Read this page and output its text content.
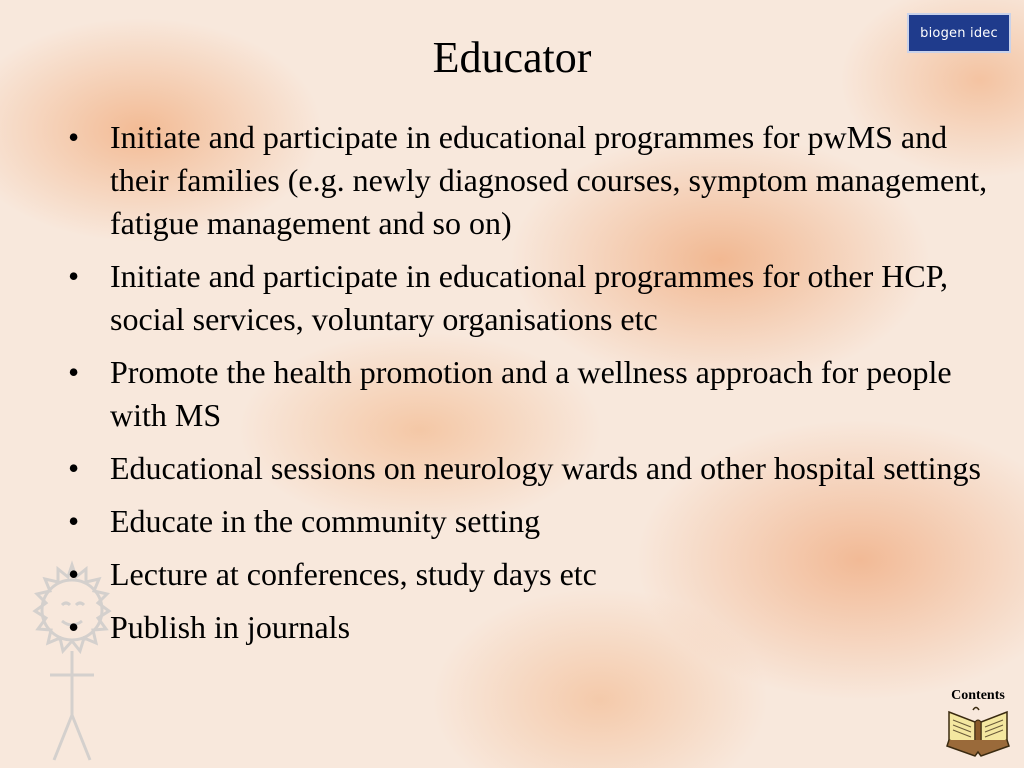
Educator	biogen idec
• Initiate and participate in educational programmes for pwMS and their families (e.g. newly diagnosed courses, symptom management, fatigue management and so on)
• Initiate and participate in educational programmes for other HCP, social services, voluntary organisations etc
• Promote the health promotion and a wellness approach for people with MS
• Educational sessions on neurology wards and other hospital settings
• Educate in the community setting
• Lecture at conferences, study days etc
• Publish in journals
Contents
